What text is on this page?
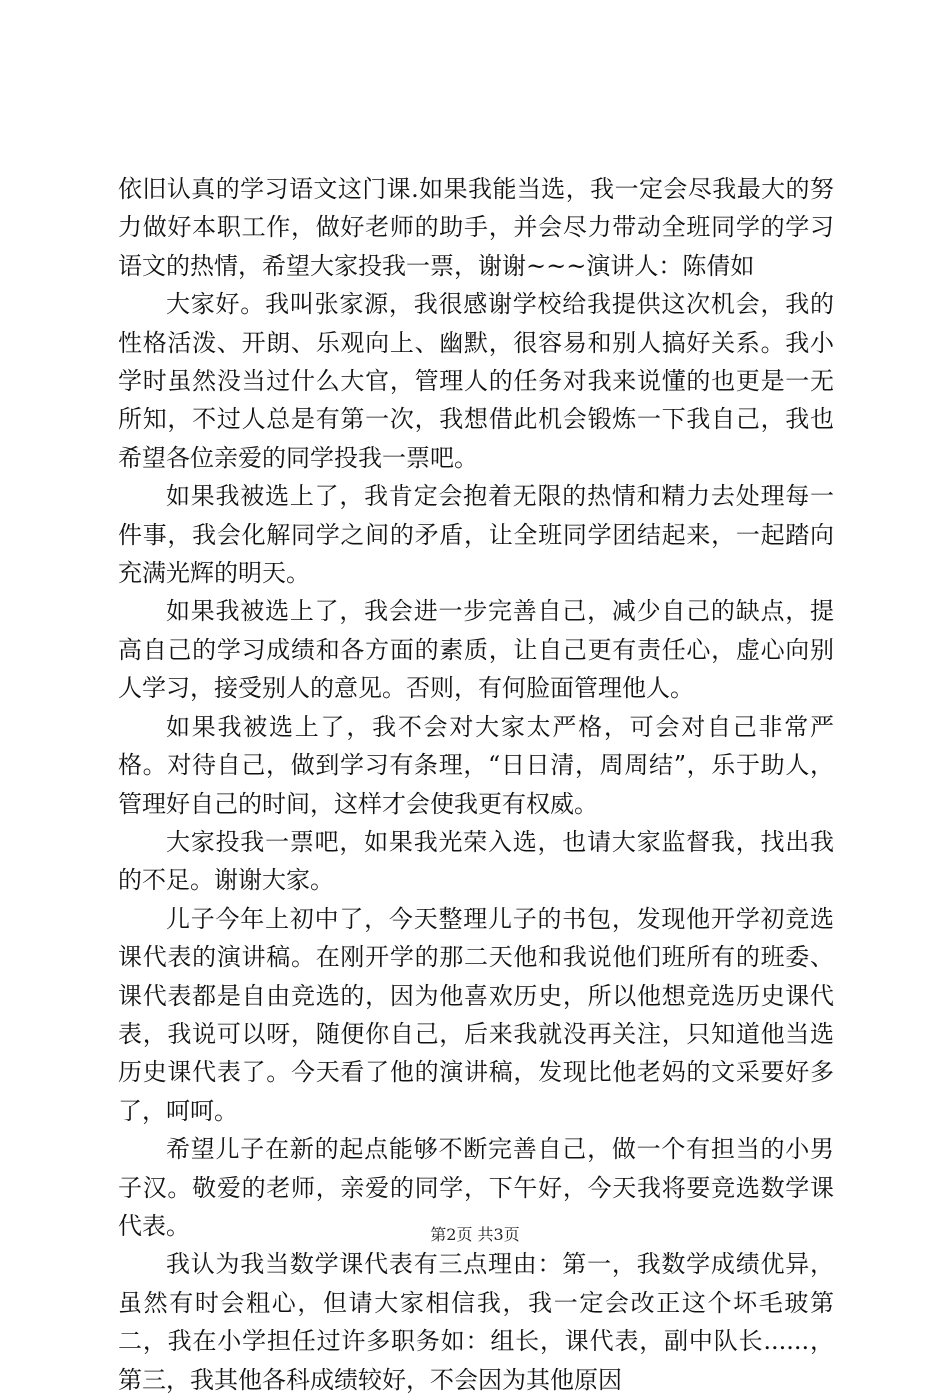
依旧认真的学习语文这门课.如果我能当选，我一定会尽我最大的努力做好本职工作，做好老师的助手，并会尽力带动全班同学的学习语文的热情，希望大家投我一票，谢谢~~~演讲人：陈倩如

大家好。我叫张家源，我很感谢学校给我提供这次机会，我的性格活泼、开朗、乐观向上、幽默，很容易和别人搞好关系。我小学时虽然没当过什么大官，管理人的任务对我来说懂的也更是一无所知，不过人总是有第一次，我想借此机会锻炼一下我自己，我也希望各位亲爱的同学投我一票吧。

如果我被选上了，我肯定会抱着无限的热情和精力去处理每一件事，我会化解同学之间的矛盾，让全班同学团结起来，一起踏向充满光辉的明天。

如果我被选上了，我会进一步完善自己，减少自己的缺点，提高自己的学习成绩和各方面的素质，让自己更有责任心，虚心向别人学习，接受别人的意见。否则，有何脸面管理他人。

如果我被选上了，我不会对大家太严格，可会对自己非常严格。对待自己，做到学习有条理，“日日清，周周结”，乐于助人，管理好自己的时间，这样才会使我更有权威。

大家投我一票吧，如果我光荣入选，也请大家监督我，找出我的不足。谢谢大家。

儿子今年上初中了，今天整理儿子的书包，发现他开学初竞选课代表的演讲稿。在刚开学的那二天他和我说他们班所有的班委、课代表都是自由竞选的，因为他喜欢历史，所以他想竞选历史课代表，我说可以呀，随便你自己，后来我就没再关注，只知道他当选历史课代表了。今天看了他的演讲稿，发现比他老妈的文采要好多了，呵呵。

希望儿子在新的起点能够不断完善自己，做一个有担当的小男子汉。敬爱的老师，亲爱的同学，下午好，今天我将要竞选数学课代表。

我认为我当数学课代表有三点理由：第一，我数学成绩优异，虽然有时会粗心，但请大家相信我，我一定会改正这个坏毛玻第二，我在小学担任过许多职务如：组长，课代表，副中队长......，第三，我其他各科成绩较好，不会因为其他原因

第2页 共3页
